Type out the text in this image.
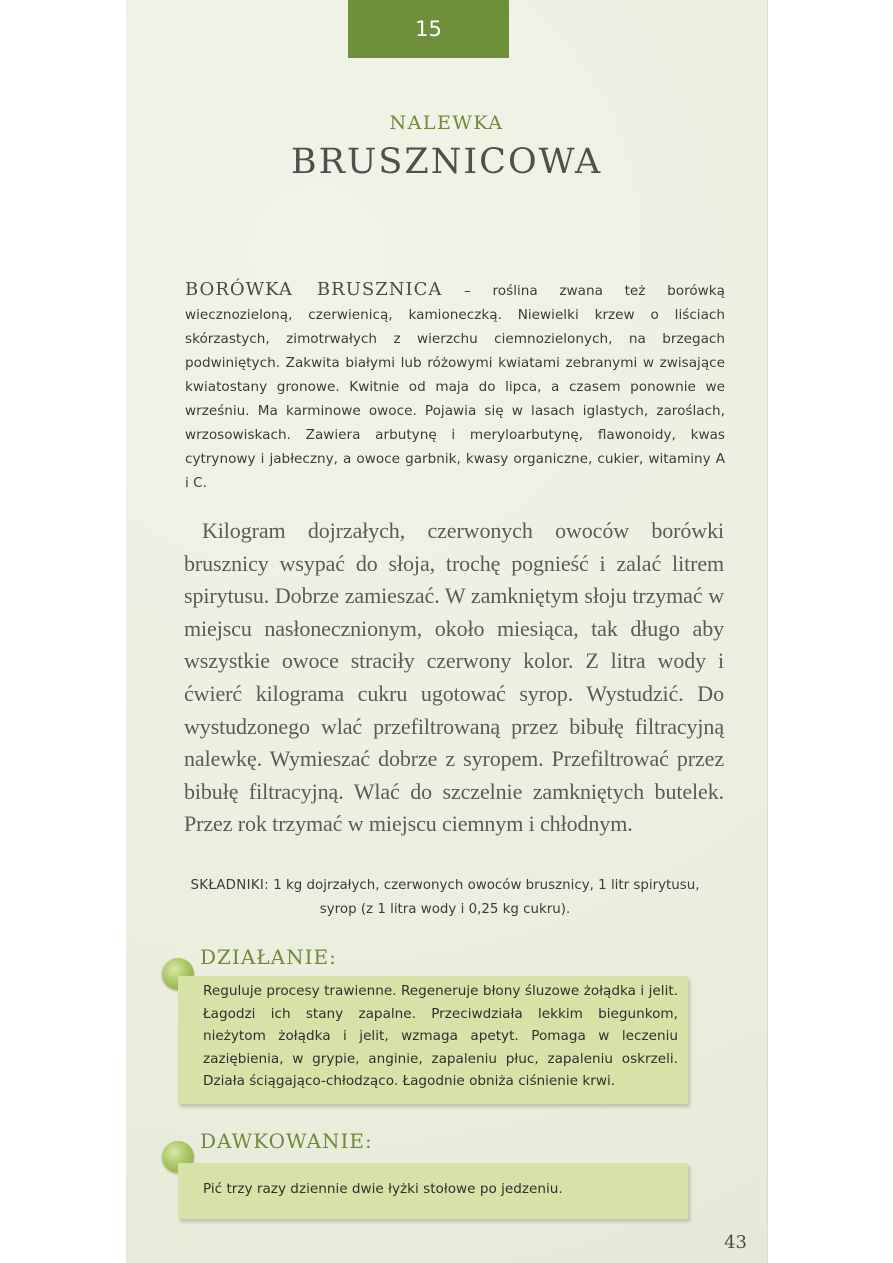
15
NALEWKA
BRUSZNICOWA
BORÓWKA BRUSZNICA – roślina zwana też borówką wiecznozieloną, czerwienicą, kamioneczką. Niewielki krzew o liściach skórzastych, zimotrwałych z wierzchu ciemnozielonych, na brzegach podwiniętych. Zakwita białymi lub różowymi kwiatami zebranymi w zwisające kwiatostany gronowe. Kwitnie od maja do lipca, a czasem ponownie we wrześniu. Ma karminowe owoce. Pojawia się w lasach iglastych, zaroślach, wrzosowiskach. Zawiera arbutynę i meryloarbutynę, flawonoidy, kwas cytrynowy i jabłeczny, a owoce garbnik, kwasy organiczne, cukier, witaminy A i C.
Kilogram dojrzałych, czerwonych owoców borówki brusznicy wsypać do słoja, trochę pognieść i zalać litrem spirytusu. Dobrze zamieszać. W zamkniętym słoju trzymać w miejscu nasłonecznionym, około miesiąca, tak długo aby wszystkie owoce straciły czerwony kolor. Z litra wody i ćwierć kilograma cukru ugotować syrop. Wystudzić. Do wystudzonego wlać przefiltrowaną przez bibułę filtracyjną nalewkę. Wymieszać dobrze z syropem. Przefiltrować przez bibułę filtracyjną. Wlać do szczelnie zamkniętych butelek. Przez rok trzymać w miejscu ciemnym i chłodnym.
SKŁADNIKI: 1 kg dojrzałych, czerwonych owoców brusznicy, 1 litr spirytusu, syrop (z 1 litra wody i 0,25 kg cukru).
DZIAŁANIE:
Reguluje procesy trawienne. Regeneruje błony śluzowe żołądka i jelit. Łagodzi ich stany zapalne. Przeciwdziała lekkim biegunkom, nieżytom żołądka i jelit, wzmaga apetyt. Pomaga w leczeniu zaziębienia, w grypie, anginie, zapaleniu płuc, zapaleniu oskrzeli. Działa ściągająco-chłodząco. Łagodnie obniża ciśnienie krwi.
DAWKOWANIE:
Pić trzy razy dziennie dwie łyżki stołowe po jedzeniu.
43
